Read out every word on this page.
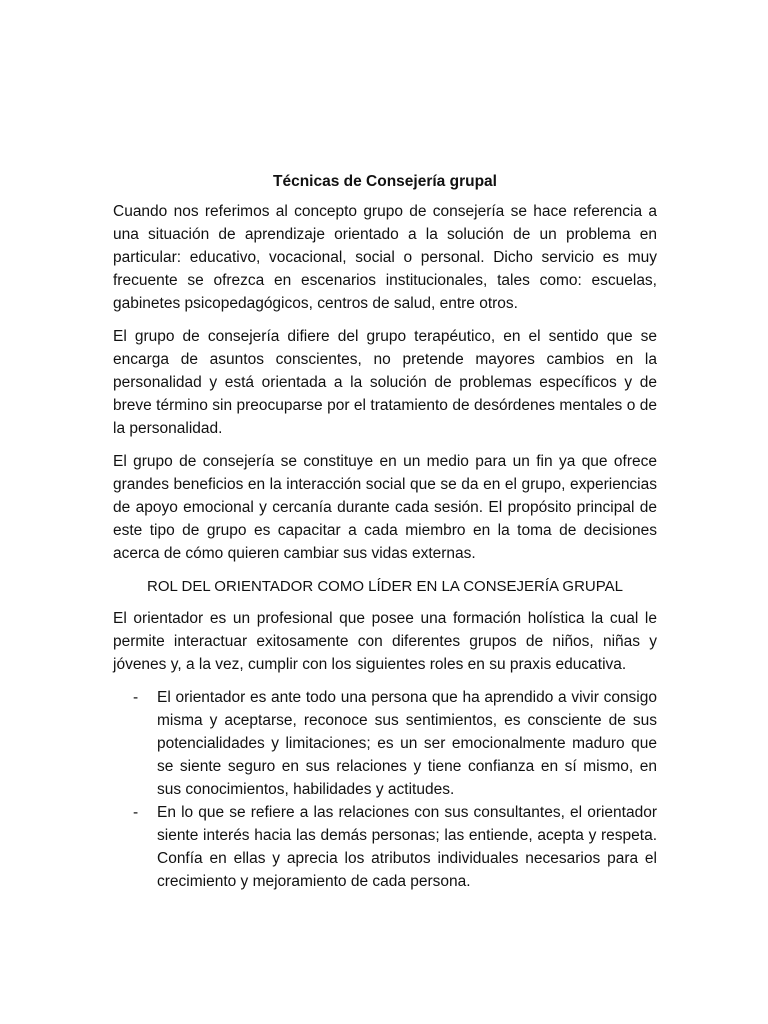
Técnicas de Consejería grupal

Cuando nos referimos al concepto grupo de consejería se hace referencia a una situación de aprendizaje orientado a la solución de un problema en particular: educativo, vocacional, social o personal. Dicho servicio es muy frecuente se ofrezca en escenarios institucionales, tales como: escuelas, gabinetes psicopedagógicos, centros de salud, entre otros.

El grupo de consejería difiere del grupo terapéutico, en el sentido que se encarga de asuntos conscientes, no pretende mayores cambios en la personalidad y está orientada a la solución de problemas específicos y de breve término sin preocuparse por el tratamiento de desórdenes mentales o de la personalidad.

El grupo de consejería se constituye en un medio para un fin ya que ofrece grandes beneficios en la interacción social que se da en el grupo, experiencias de apoyo emocional y cercanía durante cada sesión. El propósito principal de este tipo de grupo es capacitar a cada miembro en la toma de decisiones acerca de cómo quieren cambiar sus vidas externas.

ROL DEL ORIENTADOR COMO LÍDER EN LA CONSEJERÍA GRUPAL

El orientador es un profesional que posee una formación holística la cual le permite interactuar exitosamente con diferentes grupos de niños, niñas y jóvenes y, a la vez, cumplir con los siguientes roles en su praxis educativa.

- El orientador es ante todo una persona que ha aprendido a vivir consigo misma y aceptarse, reconoce sus sentimientos, es consciente de sus potencialidades y limitaciones; es un ser emocionalmente maduro que se siente seguro en sus relaciones y tiene confianza en sí mismo, en sus conocimientos, habilidades y actitudes.
- En lo que se refiere a las relaciones con sus consultantes, el orientador siente interés hacia las demás personas; las entiende, acepta y respeta. Confía en ellas y aprecia los atributos individuales necesarios para el crecimiento y mejoramiento de cada persona.
